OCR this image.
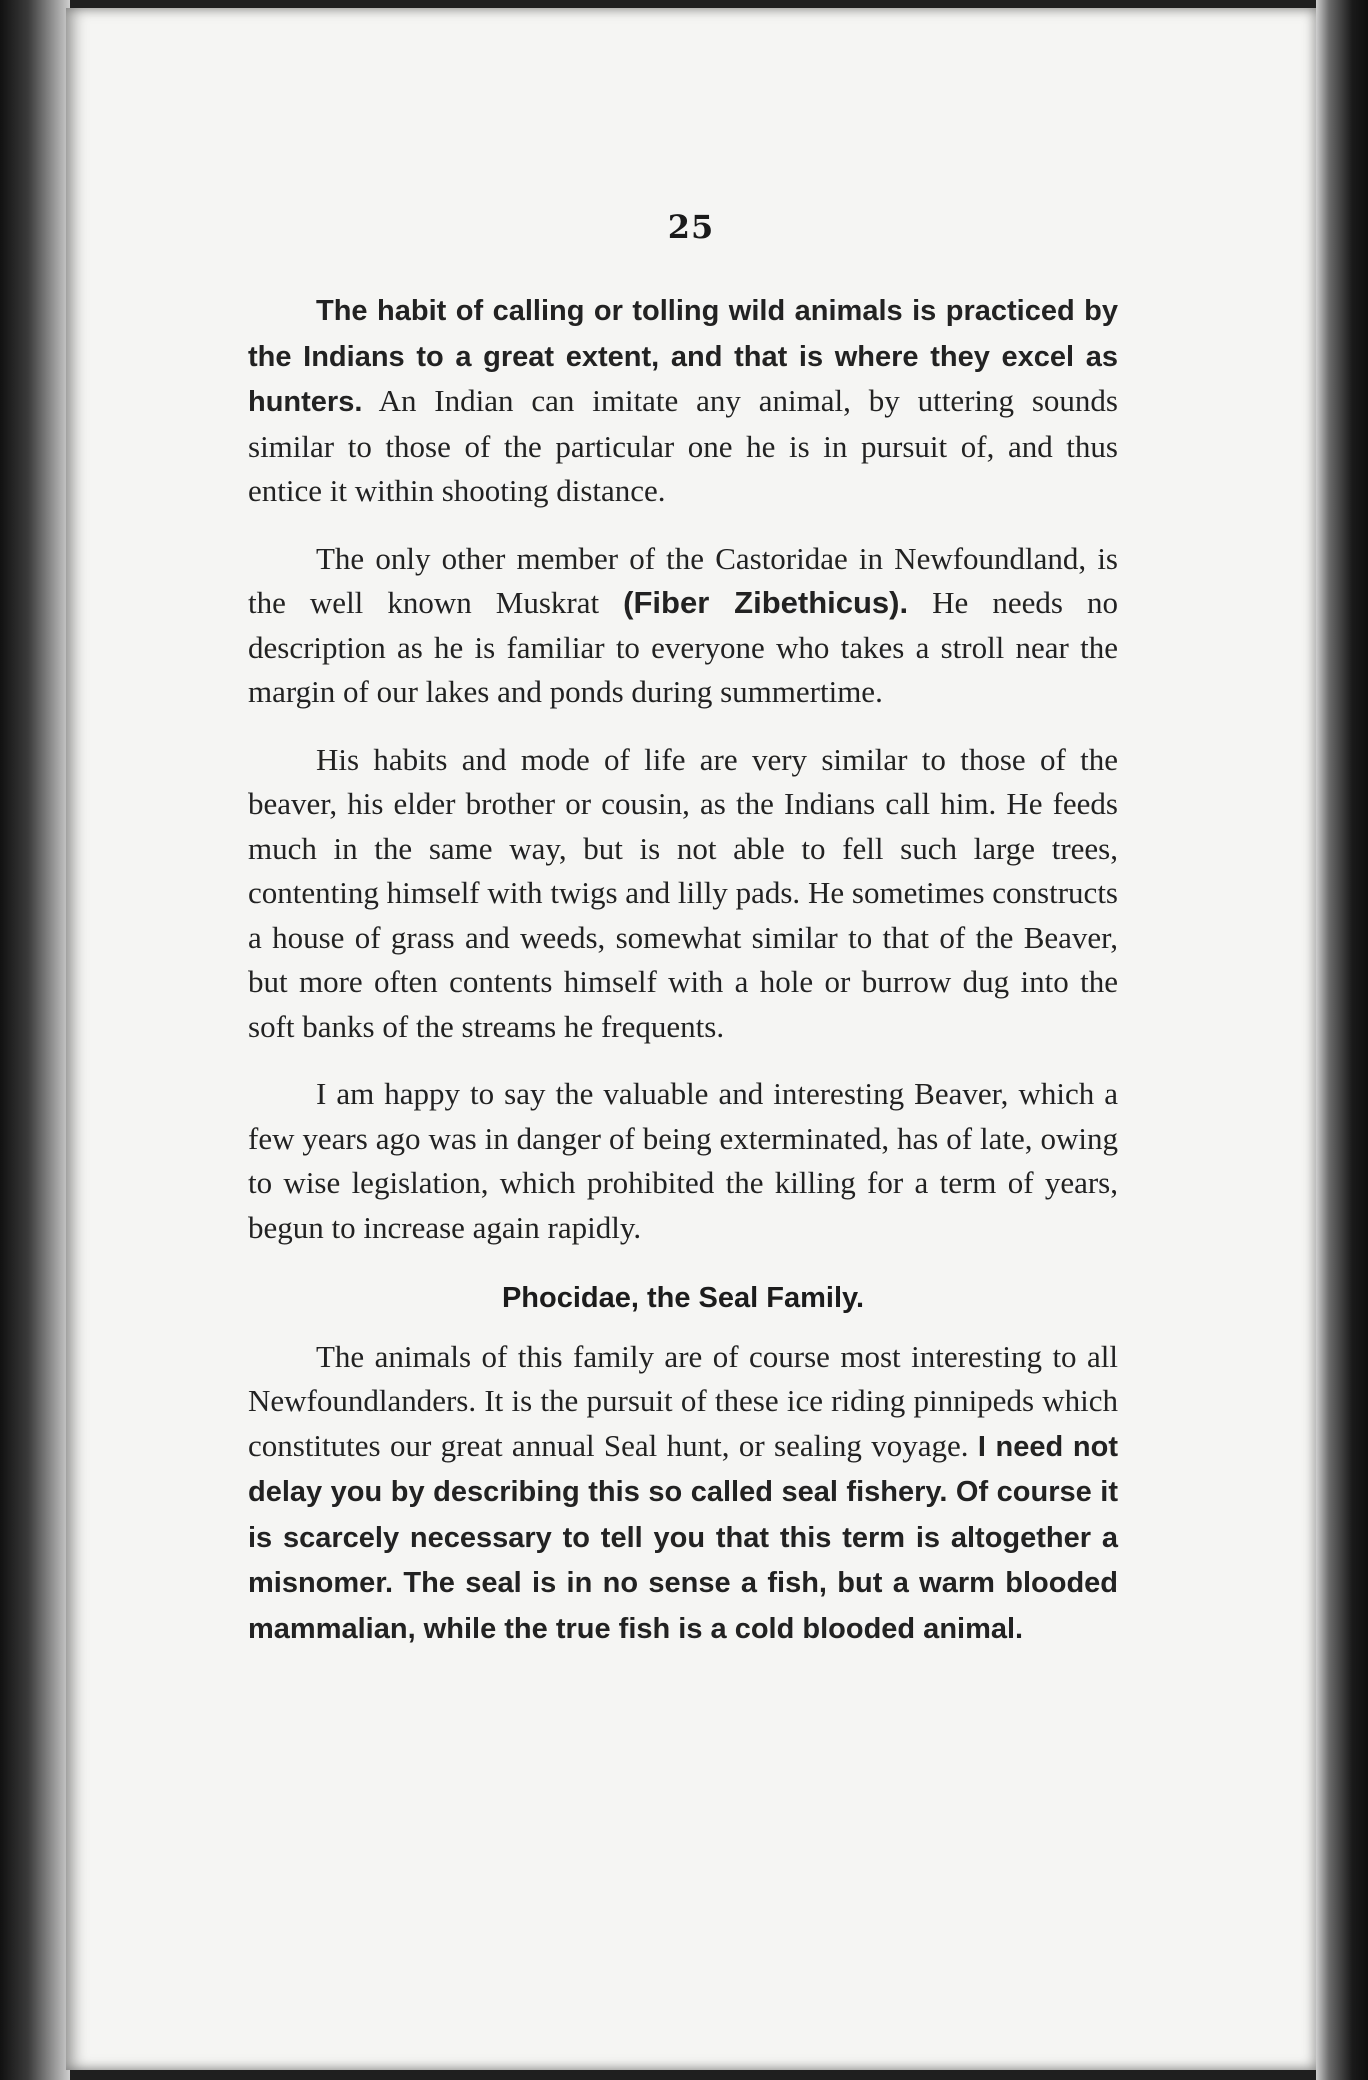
25

The habit of calling or tolling wild animals is practiced by the Indians to a great extent, and that is where they excel as hunters. An Indian can imitate any animal, by uttering sounds similar to those of the particular one he is in pursuit of, and thus entice it within shooting distance.

The only other member of the Castoridae in Newfoundland, is the well known Muskrat (Fiber Zibethicus). He needs no description as he is familiar to everyone who takes a stroll near the margin of our lakes and ponds during summertime.

His habits and mode of life are very similar to those of the beaver, his elder brother or cousin, as the Indians call him. He feeds much in the same way, but is not able to fell such large trees, contenting himself with twigs and lilly pads. He sometimes constructs a house of grass and weeds, somewhat similar to that of the Beaver, but more often contents himself with a hole or burrow dug into the soft banks of the streams he frequents.

I am happy to say the valuable and interesting Beaver, which a few years ago was in danger of being exterminated, has of late, owing to wise legislation, which prohibited the killing for a term of years, begun to increase again rapidly.

Phocidae, the Seal Family.

The animals of this family are of course most interesting to all Newfoundlanders. It is the pursuit of these ice riding pinnipeds which constitutes our great annual Seal hunt, or sealing voyage. I need not delay you by describing this so called seal fishery. Of course it is scarcely necessary to tell you that this term is altogether a misnomer. The seal is in no sense a fish, but a warm blooded mammalian, while the true fish is a cold blooded animal.
